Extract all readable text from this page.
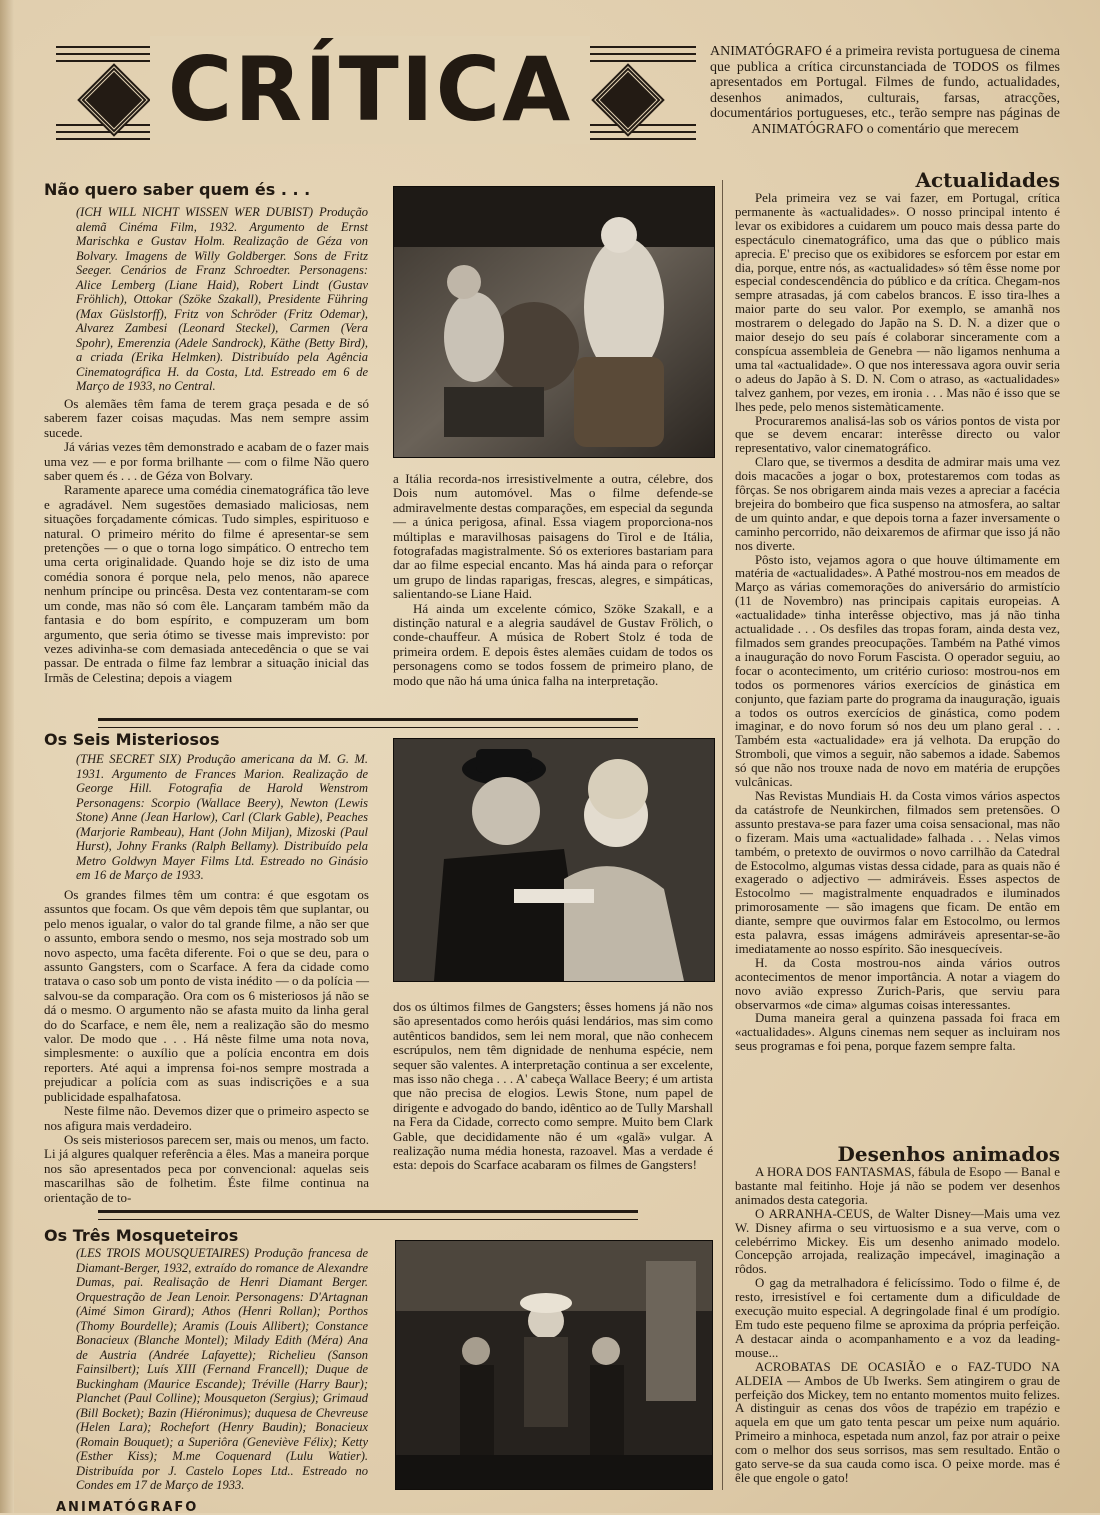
CRÍTICA	ANIMATÓGRAFO é a primeira revista portuguesa de cinema que publica a crítica circunstanciada de TODOS os filmes apresentados em Portugal. Filmes de fundo, actualidades, desenhos animados, culturais, farsas, atracções, documentários portugueses, etc., terão sempre nas páginas de ANIMATÓGRAFO o comentário que merecem

Não quero saber quem és . . .

(ICH WILL NICHT WISSEN WER DUBIST) Produção alemã Cinéma Film, 1932. Argumento de Ernst Marischka e Gustav Holm. Realização de Géza von Bolvary. Imagens de Willy Goldberger. Sons de Fritz Seeger. Cenários de Franz Schroedter. Personagens: Alice Lemberg (Liane Haid), Robert Lindt (Gustav Fröhlich), Ottokar (Szöke Szakall), Presidente Führing (Max Güslstorff), Fritz von Schröder (Fritz Odemar), Alvarez Zambesi (Leonard Steckel), Carmen (Vera Spohr), Emerenzia (Adele Sandrock), Käthe (Betty Bird), a criada (Erika Helmken). Distribuído pela Agência Cinematográfica H. da Costa, Ltd. Estreado em 6 de Março de 1933, no Central.

Os alemães têm fama de terem graça pesada e de só saberem fazer coisas maçudas. Mas nem sempre assim sucede.

Já várias vezes têm demonstrado e acabam de o fazer mais uma vez — e por forma brilhante — com o filme Não quero saber quem és . . . de Géza von Bolvary.

Raramente aparece uma comédia cinematográfica tão leve e agradável. Nem sugestões demasiado maliciosas, nem situações forçadamente cómicas. Tudo simples, espirituoso e natural. O primeiro mérito do filme é apresentar-se sem pretenções — o que o torna logo simpático. O entrecho tem uma certa originalidade. Quando hoje se diz isto de uma comédia sonora é porque nela, pelo menos, não aparece nenhum príncipe ou princêsa. Desta vez contentaram-se com um conde, mas não só com êle. Lançaram também mão da fantasia e do bom espírito, e compuzeram um bom argumento, que seria ótimo se tivesse mais imprevisto: por vezes adivinha-se com demasiada antecedência o que se vai passar. De entrada o filme faz lembrar a situação inicial das Irmãs de Celestina; depois a viagem

a Itália recorda-nos irresistivelmente a outra, célebre, dos Dois num automóvel. Mas o filme defende-se admiravelmente destas comparações, em especial da segunda — a única perigosa, afinal. Essa viagem proporciona-nos múltiplas e maravilhosas paisagens do Tirol e de Itália, fotografadas magistralmente. Só os exteriores bastariam para dar ao filme especial encanto. Mas há ainda para o reforçar um grupo de lindas raparigas, frescas, alegres, e simpáticas, salientando-se Liane Haid.

Há ainda um excelente cómico, Szöke Szakall, e a distinção natural e a alegria saudável de Gustav Frölich, o conde-chauffeur. A música de Robert Stolz é toda de primeira ordem. E depois êstes alemães cuidam de todos os personagens como se todos fossem de primeiro plano, de modo que não há uma única falha na interpretação.

Os Seis Misteriosos

(THE SECRET SIX) Produção americana da M. G. M. 1931. Argumento de Frances Marion. Realização de George Hill. Fotografia de Harold Wenstrom Personagens: Scorpio (Wallace Beery), Newton (Lewis Stone) Anne (Jean Harlow), Carl (Clark Gable), Peaches (Marjorie Rambeau), Hant (John Miljan), Mizoski (Paul Hurst), Johny Franks (Ralph Bellamy). Distribuído pela Metro Goldwyn Mayer Films Ltd. Estreado no Ginásio em 16 de Março de 1933.

Os grandes filmes têm um contra: é que esgotam os assuntos que focam. Os que vêm depois têm que suplantar, ou pelo menos igualar, o valor do tal grande filme, a não ser que o assunto, embora sendo o mesmo, nos seja mostrado sob um novo aspecto, uma facêta diferente. Foi o que se deu, para o assunto Gangsters, com o Scarface. A fera da cidade como tratava o caso sob um ponto de vista inédito — o da polícia — salvou-se da comparação. Ora com os 6 misteriosos já não se dá o mesmo. O argumento não se afasta muito da linha geral do do Scarface, e nem êle, nem a realização são do mesmo valor. De modo que . . . Há nêste filme uma nota nova, simplesmente: o auxílio que a polícia encontra em dois reporters. Até aqui a imprensa foi-nos sempre mostrada a prejudicar a polícia com as suas indiscrições e a sua publicidade espalhafatosa.

Neste filme não. Devemos dizer que o primeiro aspecto se nos afigura mais verdadeiro.

Os seis misteriosos parecem ser, mais ou menos, um facto. Li já algures qualquer referência a êles. Mas a maneira porque nos são apresentados peca por convencional: aquelas seis mascarilhas são de folhetim. Éste filme continua na orientação de to-

dos os últimos filmes de Gangsters; êsses homens já não nos são apresentados como heróis quási lendários, mas sim como autênticos bandidos, sem lei nem moral, que não conhecem escrúpulos, nem têm dignidade de nenhuma espécie, nem sequer são valentes. A interpretação continua a ser excelente, mas isso não chega . . . A' cabeça Wallace Beery; é um artista que não precisa de elogios. Lewis Stone, num papel de dirigente e advogado do bando, idêntico ao de Tully Marshall na Fera da Cidade, correcto como sempre. Muito bem Clark Gable, que decididamente não é um «galã» vulgar. A realização numa média honesta, razoavel. Mas a verdade é esta: depois do Scarface acabaram os filmes de Gangsters!

Os Três Mosqueteiros

(LES TROIS MOUSQUETAIRES) Produção francesa de Diamant-Berger, 1932, extraído do romance de Alexandre Dumas, pai. Realisação de Henri Diamant Berger. Orquestração de Jean Lenoir. Personagens: D'Artagnan (Aimé Simon Girard); Athos (Henri Rollan); Porthos (Thomy Bourdelle); Aramis (Louis Allibert); Constance Bonacieux (Blanche Montel); Milady Edith (Méra) Ana de Austria (Andrée Lafayette); Richelieu (Sanson Fainsilbert); Luís XIII (Fernand Francell); Duque de Buckingham (Maurice Escande); Tréville (Harry Baur); Planchet (Paul Colline); Mousqueton (Sergius); Grimaud (Bill Bocket); Bazin (Hiéronimus); duquesa de Chevreuse (Helen Lara); Rochefort (Henry Baudin); Bonacieux (Romain Bouquet); a Superiôra (Geneviève Félix); Ketty (Esther Kiss); M.me Coquenard (Lulu Watier). Distribuída por J. Castelo Lopes Ltd.. Estreado no Condes em 17 de Março de 1933.

Actualidades

Pela primeira vez se vai fazer, em Portugal, crítica permanente às «actualidades». O nosso principal intento é levar os exibidores a cuidarem um pouco mais dessa parte do espectáculo cinematográfico, uma das que o público mais aprecia. E' preciso que os exibidores se esforcem por estar em dia, porque, entre nós, as «actualidades» só têm êsse nome por especial condescendência do público e da crítica. Chegam-nos sempre atrasadas, já com cabelos brancos. E isso tira-lhes a maior parte do seu valor. Por exemplo, se amanhã nos mostrarem o delegado do Japão na S. D. N. a dizer que o maior desejo do seu país é colaborar sinceramente com a conspícua assembleia de Genebra — não ligamos nenhuma a uma tal «actualidade». O que nos interessava agora ouvir seria o adeus do Japão à S. D. N. Com o atraso, as «actualidades» talvez ganhem, por vezes, em ironia . . . Mas não é isso que se lhes pede, pelo menos sistemàticamente.

Procuraremos analisá-las sob os vários pontos de vista por que se devem encarar: interêsse directo ou valor representativo, valor cinematográfico.

Claro que, se tivermos a desdita de admirar mais uma vez dois macacões a jogar o box, protestaremos com todas as fôrças. Se nos obrigarem ainda mais vezes a apreciar a facécia brejeira do bombeiro que fica suspenso na atmosfera, ao saltar de um quinto andar, e que depois torna a fazer inversamente o caminho percorrido, não deixaremos de afirmar que isso já não nos diverte.

Pôsto isto, vejamos agora o que houve últimamente em matéria de «actualidades». A Pathé mostrou-nos em meados de Março as várias comemorações do aniversário do armistício (11 de Novembro) nas principais capitais europeias. A «actualidade» tinha interêsse objectivo, mas já não tinha actualidade . . . Os desfiles das tropas foram, ainda desta vez, filmados sem grandes preocupações. Também na Pathé vimos a inauguração do novo Forum Fascista. O operador seguiu, ao focar o acontecimento, um critério curioso: mostrou-nos em todos os pormenores vários exercícios de ginástica em conjunto, que faziam parte do programa da inauguração, iguais a todos os outros exercícios de ginástica, como podem imaginar, e do novo forum só nos deu um plano geral . . . Também esta «actualidade» era já velhota. Da erupção do Stromboli, que vimos a seguir, não sabemos a idade. Sabemos só que não nos trouxe nada de novo em matéria de erupções vulcânicas.

Nas Revistas Mundiais H. da Costa vimos vários aspectos da catástrofe de Neunkirchen, filmados sem pretensões. O assunto prestava-se para fazer uma coisa sensacional, mas não o fizeram. Mais uma «actualidade» falhada . . . Nelas vimos também, o pretexto de ouvirmos o novo carrilhão da Catedral de Estocolmo, algumas vistas dessa cidade, para as quais não é exagerado o adjectivo — admiráveis. Esses aspectos de Estocolmo — magistralmente enquadrados e iluminados primorosamente — são imagens que ficam. De então em diante, sempre que ouvirmos falar em Estocolmo, ou lermos esta palavra, essas imágens admiráveis apresentar-se-ão imediatamente ao nosso espírito. São inesquecíveis.

H. da Costa mostrou-nos ainda vários outros acontecimentos de menor importância. A notar a viagem do novo avião expresso Zurich-Paris, que serviu para observarmos «de cima» algumas coisas interessantes.

Duma maneira geral a quinzena passada foi fraca em «actualidades». Alguns cinemas nem sequer as incluiram nos seus programas e foi pena, porque fazem sempre falta.

Desenhos animados

A HORA DOS FANTASMAS, fábula de Esopo — Banal e bastante mal feitinho. Hoje já não se podem ver desenhos animados desta categoria.

O ARRANHA-CEUS, de Walter Disney—Mais uma vez W. Disney afirma o seu virtuosismo e a sua verve, com o celebérrimo Mickey. Eis um desenho animado modelo. Concepção arrojada, realização impecável, imaginação a rôdos.

O gag da metralhadora é felicíssimo. Todo o filme é, de resto, irresistível e foi certamente dum a dificuldade de execução muito especial. A degringolade final é um prodígio. Em tudo este pequeno filme se aproxima da própria perfeição. A destacar ainda o acompanhamento e a voz da leading-mouse...

ACROBATAS DE OCASIÃO e o FAZ-TUDO NA ALDEIA — Ambos de Ub Iwerks. Sem atingirem o grau de perfeição dos Mickey, tem no entanto momentos muito felizes. A distinguir as cenas dos vôos de trapézio em trapézio e aquela em que um gato tenta pescar um peixe num aquário. Primeiro a minhoca, espetada num anzol, faz por atrair o peixe com o melhor dos seus sorrisos, mas sem resultado. Então o gato serve-se da sua cauda como isca. O peixe morde. mas é êle que engole o gato!

ANIMATÓGRAFO
